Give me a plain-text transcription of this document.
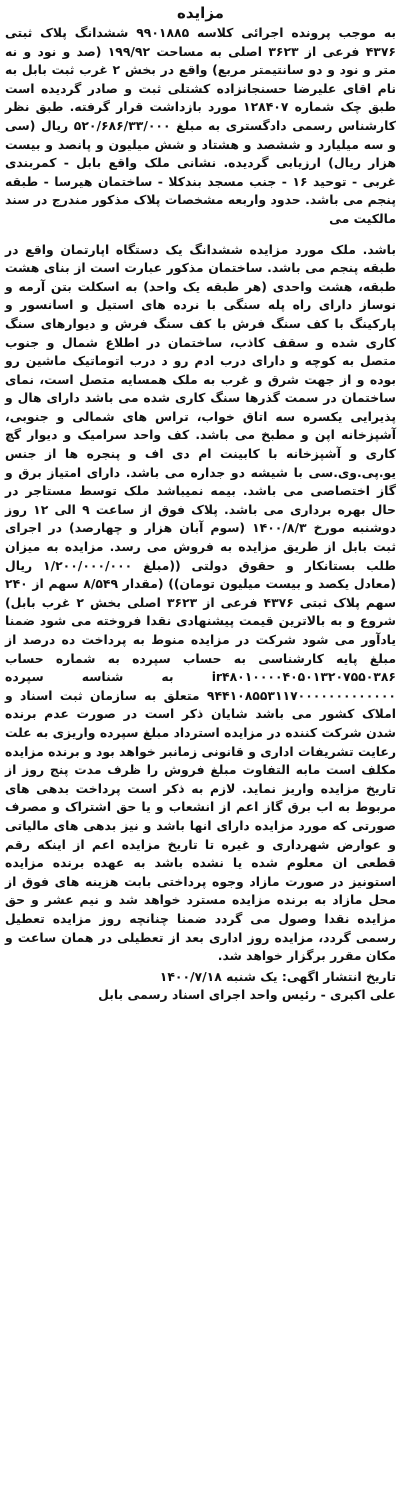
مزایده

به موجب پرونده اجرائی کلاسه ۹۹۰۱۸۸۵ ششدانگ پلاک ثبتی ۴۳۷۶ فرعی از ۳۶۲۳ اصلی به مساحت ۱۹۹/۹۲ (صد و نود و نه متر و نود و دو سانتیمتر مربع) واقع در بخش ۲ غرب ثبت بابل به نام اقای علیرضا حسنجانزاده کشتلی ثبت و صادر گردیده است طبق چک شماره ۱۲۸۴۰۷ مورد بازداشت قرار گرفته. طبق نظر کارشناس رسمی دادگستری به مبلغ ۵۲۰/۶۸۶/۳۳/۰۰۰ ریال (سی و سه میلیارد و ششصد و هشتاد و شش میلیون و پانصد و بیست هزار ریال) ارزیابی گردیده. نشانی ملک واقع بابل - کمربندی غربی - توحید ۱۶ - جنب مسجد بندکلا - ساختمان هیرسا - طبقه پنجم می باشد. حدود واربعه مشخصات پلاک مذکور مندرج در سند مالکیت می

باشد. ملک مورد مزایده ششدانگ یک دستگاه اپارتمان واقع در طبقه پنجم می باشد. ساختمان مذکور عبارت است از بنای هشت طبقه، هشت واحدی (هر طبقه یک واحد) به اسکلت بتن آرمه و نوساز دارای راه پله سنگی با نرده های استیل و اسانسور و پارکینگ با کف سنگ فرش با کف سنگ فرش و دیوارهای سنگ کاری شده و سقف کاذب، ساختمان در اطلاع شمال و جنوب متصل به کوچه و دارای درب ادم رو د درب اتوماتیک ماشین رو بوده و از جهت شرق و غرب به ملک همسایه متصل است، نمای ساختمان در سمت گذرها سنگ کاری شده می باشد دارای هال و پذیرایی یکسره سه اتاق خواب، تراس های شمالی و جنوبی، آشپزخانه اپن و مطبخ می باشد. کف واحد سرامیک و دیوار گچ کاری و آشپزخانه با کابینت ام دی اف و پنجره ها از جنس یو.پی.وی.سی با شیشه دو جداره می باشد. دارای امتیاز برق و گاز اختصاصی می باشد. بیمه نمیباشد ملک توسط مستاجر در حال بهره برداری می باشد. پلاک فوق از ساعت ۹ الی ۱۲ روز دوشنبه مورخ ۱۴۰۰/۸/۳ (سوم آبان هزار و چهارصد) در اجرای ثبت بابل از طریق مزایده به فروش می رسد. مزایده به میزان طلب بستانکار و حقوق دولتی ((مبلغ ۱/۲۰۰/۰۰۰/۰۰۰ ریال (معادل یکصد و بیست میلیون تومان)) (مقدار ۸/۵۴۹ سهم از ۲۴۰ سهم پلاک ثبتی ۴۳۷۶ فرعی از ۳۶۲۳ اصلی بخش ۲ غرب بابل) شروع و به بالاترین قیمت پیشنهادی نقدا فروخته می شود ضمنا یادآور می شود شرکت در مزایده منوط به پرداخت ده درصد از مبلغ پایه کارشناسی به حساب سپرده به شماره حساب ir۴۸۰۱۰۰۰۰۴۰۵۰۱۳۲۰۷۵۵۰۳۸۶ به شناسه سپرده ۹۴۴۱۰۸۵۵۳۱۱۷۰۰۰۰۰۰۰۰۰۰۰۰۰ متعلق به سازمان ثبت اسناد و املاک کشور می باشد شایان ذکر است در صورت عدم برنده شدن شرکت کننده در مزایده استرداد مبلغ سپرده واریزی به علت رعایت تشریفات اداری و قانونی زمانبر خواهد بود و برنده مزایده مکلف است مابه التفاوت مبلغ فروش را ظرف مدت پنج روز از تاریخ مزایده واریز نماید. لازم به ذکر است پرداخت بدهی های مربوط به اب برق گاز اعم از انشعاب و یا حق اشتراک و مصرف صورتی که مورد مزایده دارای انها باشد و نیز بدهی های مالیاتی و عوارض شهرداری و غیره تا تاریخ مزایده اعم از اینکه رقم قطعی ان معلوم شده یا نشده باشد به عهده برنده مزایده استونیز در صورت مازاد وجوه پرداختی بابت هزینه های فوق از محل مازاد به برنده مزایده مسترد خواهد شد و نیم عشر و حق مزایده نقدا وصول می گردد ضمنا چنانچه روز مزایده تعطیل رسمی گردد، مزایده روز اداری بعد از تعطیلی در همان ساعت و مکان مقرر برگزار خواهد شد.

تاریخ انتشار اگهی: یک شنبه ۱۴۰۰/۷/۱۸
علی اکبری - رئیس واحد اجرای اسناد رسمی بابل
